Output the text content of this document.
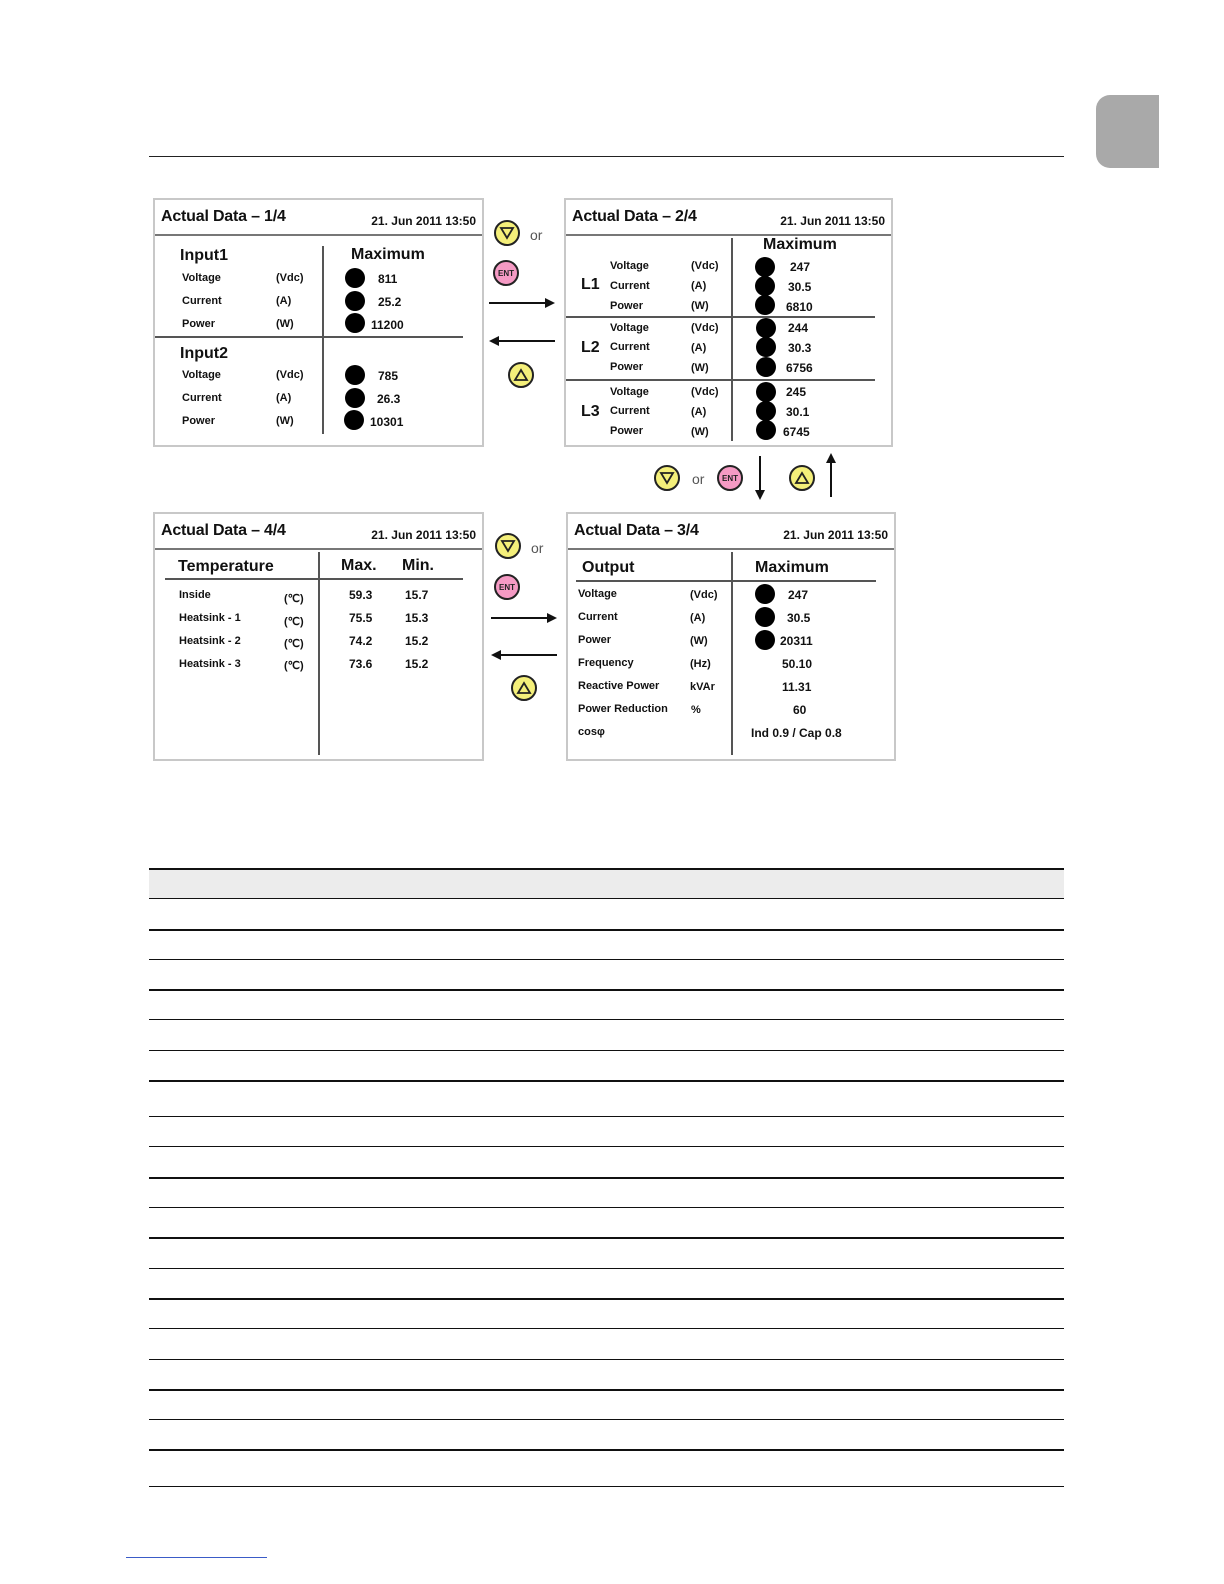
Actual Data – 1/4	21. Jun 2011 13:50
Maximum
Input1
Voltage	(Vdc)	811
Current	(A)	25.2
Power	(W)	11200
Input2
Voltage	(Vdc)	785
Current	(A)	26.3
Power	(W)	10301
Actual Data – 2/4	21. Jun 2011 13:50
Maximum
L1
Voltage	(Vdc)	247
Current	(A)	30.5
Power	(W)	6810
L2
Voltage	(Vdc)	244
Current	(A)	30.3
Power	(W)	6756
L3
Voltage	(Vdc)	245
Current	(A)	30.1
Power	(W)	6745
Actual Data – 4/4	21. Jun 2011 13:50
Temperature	Max. Min.
Inside	(℃)	59.3	15.7
Heatsink - 1	(℃)	75.5	15.3
Heatsink - 2	(℃)	74.2	15.2
Heatsink - 3	(℃)	73.6	15.2
Actual Data – 3/4	21. Jun 2011 13:50
Output	Maximum
Voltage	(Vdc)	247
Current	(A)	30.5
Power	(W)	20311
Frequency	(Hz)	50.10
Reactive Power	kVAr	11.31
Power Reduction %	60
cosφ	Ind 0.9 / Cap 0.8
or
ENT
or ENT
or
ENT
